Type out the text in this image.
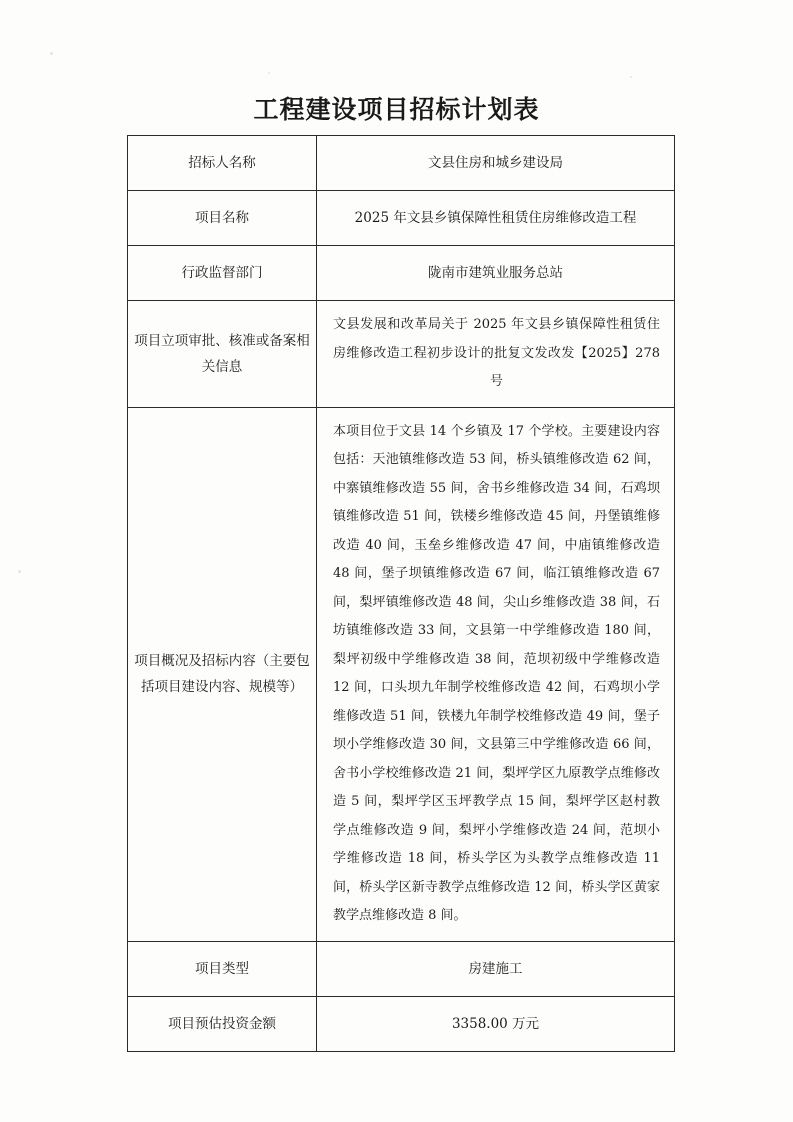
工程建设项目招标计划表
招标人名称	文县住房和城乡建设局
项目名称	2025 年文县乡镇保障性租赁住房维修改造工程
行政监督部门	陇南市建筑业服务总站
项目立项审批、核准或备案相关信息	文县发展和改革局关于 2025 年文县乡镇保障性租赁住房维修改造工程初步设计的批复文发改发【2025】278 号
项目概况及招标内容（主要包括项目建设内容、规模等）	本项目位于文县 14 个乡镇及 17 个学校。主要建设内容包括：天池镇维修改造 53 间，桥头镇维修改造 62 间，中寨镇维修改造 55 间，舍书乡维修改造 34 间，石鸡坝镇维修改造 51 间，铁楼乡维修改造 45 间，丹堡镇维修改造 40 间，玉垒乡维修改造 47 间，中庙镇维修改造 48 间，堡子坝镇维修改造 67 间，临江镇维修改造 67 间，梨坪镇维修改造 48 间，尖山乡维修改造 38 间，石坊镇维修改造 33 间，文县第一中学维修改造 180 间，梨坪初级中学维修改造 38 间，范坝初级中学维修改造 12 间，口头坝九年制学校维修改造 42 间，石鸡坝小学维修改造 51 间，铁楼九年制学校维修改造 49 间，堡子坝小学维修改造 30 间，文县第三中学维修改造 66 间，舍书小学校维修改造 21 间，梨坪学区九原教学点维修改造 5 间，梨坪学区玉坪教学点 15 间，梨坪学区赵村教学点维修改造 9 间，梨坪小学维修改造 24 间，范坝小学维修改造 18 间，桥头学区为头教学点维修改造 11 间，桥头学区新寺教学点维修改造 12 间，桥头学区黄家教学点维修改造 8 间。
项目类型	房建施工
项目预估投资金额	3358.00 万元
